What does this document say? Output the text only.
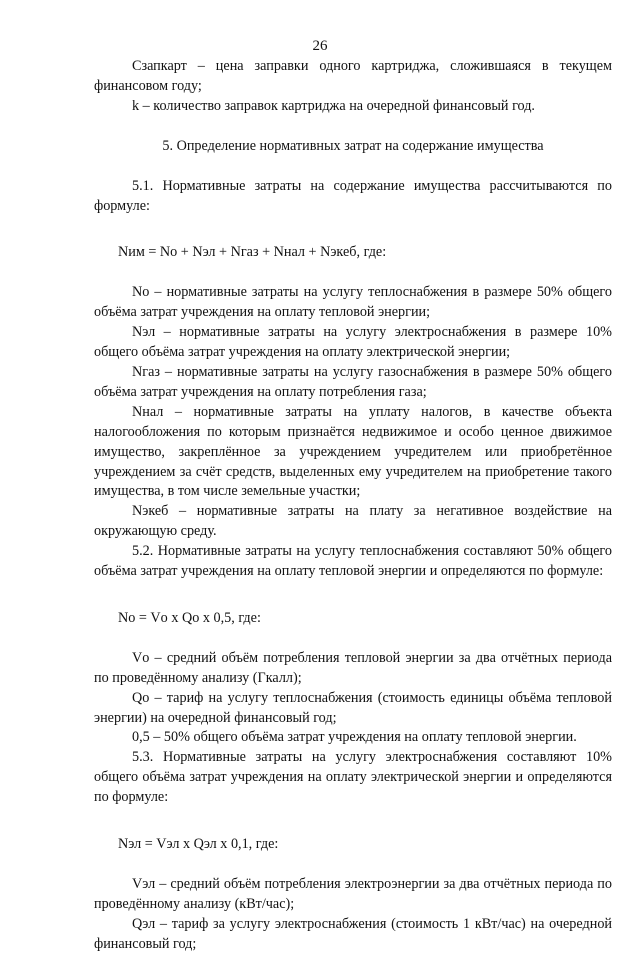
26

Сзапкарт – цена заправки одного картриджа, сложившаяся в текущем финансовом году;

k – количество заправок картриджа на очередной финансовый год.

5. Определение нормативных затрат на содержание имущества

5.1. Нормативные затраты на содержание имущества рассчитываются по формуле:

Nим = Nо + Nэл + Nгаз + Nнал + Nэкеб, где:

Nо – нормативные затраты на услугу теплоснабжения в размере 50% общего объёма затрат учреждения на оплату тепловой энергии;

Nэл – нормативные затраты на услугу электроснабжения в размере 10% общего объёма затрат учреждения на оплату электрической энергии;

Nгаз – нормативные затраты на услугу газоснабжения в размере 50% общего объёма затрат учреждения на оплату потребления газа;

Nнал – нормативные затраты на уплату налогов, в качестве объекта налогообложения по которым признаётся недвижимое и особо ценное движимое имущество, закреплённое за учреждением учредителем или приобретённое учреждением за счёт средств, выделенных ему учредителем на приобретение такого имущества, в том числе земельные участки;

Nэкеб – нормативные затраты на плату за негативное воздействие на окружающую среду.

5.2. Нормативные затраты на услугу теплоснабжения составляют 50% общего объёма затрат учреждения на оплату тепловой энергии и определяются по формуле:

Nо = Vо х Qо х 0,5, где:

Vо – средний объём потребления тепловой энергии за два отчётных периода по проведённому анализу (Гкалл);

Qо – тариф на услугу теплоснабжения (стоимость единицы объёма тепловой энергии) на очередной финансовый год;

0,5 – 50% общего объёма затрат учреждения на оплату тепловой энергии.

5.3. Нормативные затраты на услугу электроснабжения составляют 10% общего объёма затрат учреждения на оплату электрической энергии и определяются по формуле:

Nэл = Vэл х Qэл х 0,1, где:

Vэл – средний объём потребления электроэнергии за два отчётных периода по проведённому анализу (кВт/час);

Qэл – тариф за услугу электроснабжения (стоимость 1 кВт/час) на очередной финансовый год;
